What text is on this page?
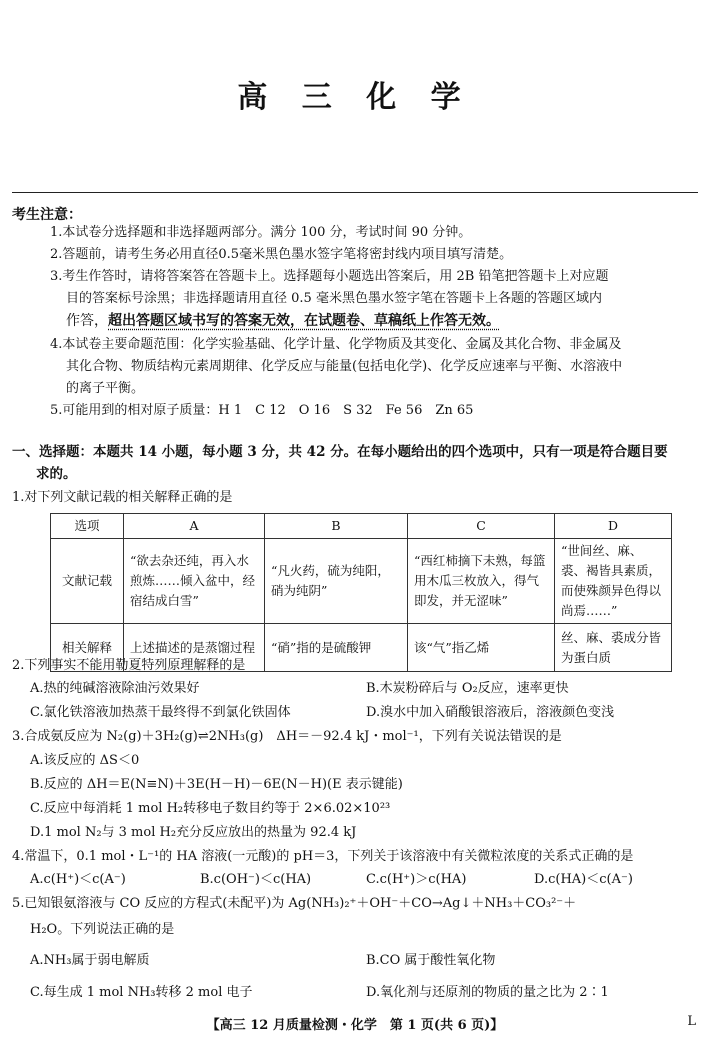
高 三 化 学
考生注意：
1.本试卷分选择题和非选择题两部分。满分 100 分，考试时间 90 分钟。
2.答题前，请考生务必用直径0.5毫米黑色墨水签字笔将密封线内项目填写清楚。
3.考生作答时，请将答案答在答题卡上。选择题每小题选出答案后，用 2B 铅笔把答题卡上对应题
目的答案标号涂黑；非选择题请用直径 0.5 毫米黑色墨水签字笔在答题卡上各题的答题区域内
作答，超出答题区域书写的答案无效，在试题卷、草稿纸上作答无效。
4.本试卷主要命题范围：化学实验基础、化学计量、化学物质及其变化、金属及其化合物、非金属及
其化合物、物质结构元素周期律、化学反应与能量(包括电化学)、化学反应速率与平衡、水溶液中
的离子平衡。
5.可能用到的相对原子质量：H 1　C 12　O 16　S 32　Fe 56　Zn 65
一、选择题：本题共 14 小题，每小题 3 分，共 42 分。在每小题给出的四个选项中，只有一项是符合题目要
求的。
1.对下列文献记载的相关解释正确的是
选项	A	B	C	D
文献记载	“欲去杂还纯，再入水煎炼……倾入盆中，经宿结成白雪”	“凡火药，硫为纯阳，硝为纯阴”	“西红柿摘下未熟，每篮用木瓜三枚放入，得气即发，并无涩味”	“世间丝、麻、裘、褐皆具素质，而使殊颜异色得以尚焉……”
相关解释	上述描述的是蒸馏过程	“硝”指的是硫酸钾	该“气”指乙烯	丝、麻、裘成分皆为蛋白质
2.下列事实不能用勒夏特列原理解释的是
A.热的纯碱溶液除油污效果好	B.木炭粉碎后与 O₂反应，速率更快
C.氯化铁溶液加热蒸干最终得不到氯化铁固体	D.溴水中加入硝酸银溶液后，溶液颜色变浅
3.合成氨反应为 N₂(g)＋3H₂(g)⇌2NH₃(g)　ΔH＝－92.4 kJ・mol⁻¹，下列有关说法错误的是
A.该反应的 ΔS＜0
B.反应的 ΔH＝E(N≡N)＋3E(H－H)－6E(N－H)(E 表示键能)
C.反应中每消耗 1 mol H₂转移电子数目约等于 2×6.02×10²³
D.1 mol N₂与 3 mol H₂充分反应放出的热量为 92.4 kJ
4.常温下，0.1 mol・L⁻¹的 HA 溶液(一元酸)的 pH＝3，下列关于该溶液中有关微粒浓度的关系式正确的是
A.c(H⁺)＜c(A⁻)	B.c(OH⁻)＜c(HA)	C.c(H⁺)＞c(HA)	D.c(HA)＜c(A⁻)
5.已知银氨溶液与 CO 反应的方程式(未配平)为 Ag(NH₃)₂⁺＋OH⁻＋CO→Ag↓＋NH₃＋CO₃²⁻＋
H₂O。下列说法正确的是
A.NH₃属于弱电解质	B.CO 属于酸性氧化物
C.每生成 1 mol NH₃转移 2 mol 电子	D.氧化剂与还原剂的物质的量之比为 2∶1
【高三 12 月质量检测・化学　第 1 页(共 6 页)】	L
